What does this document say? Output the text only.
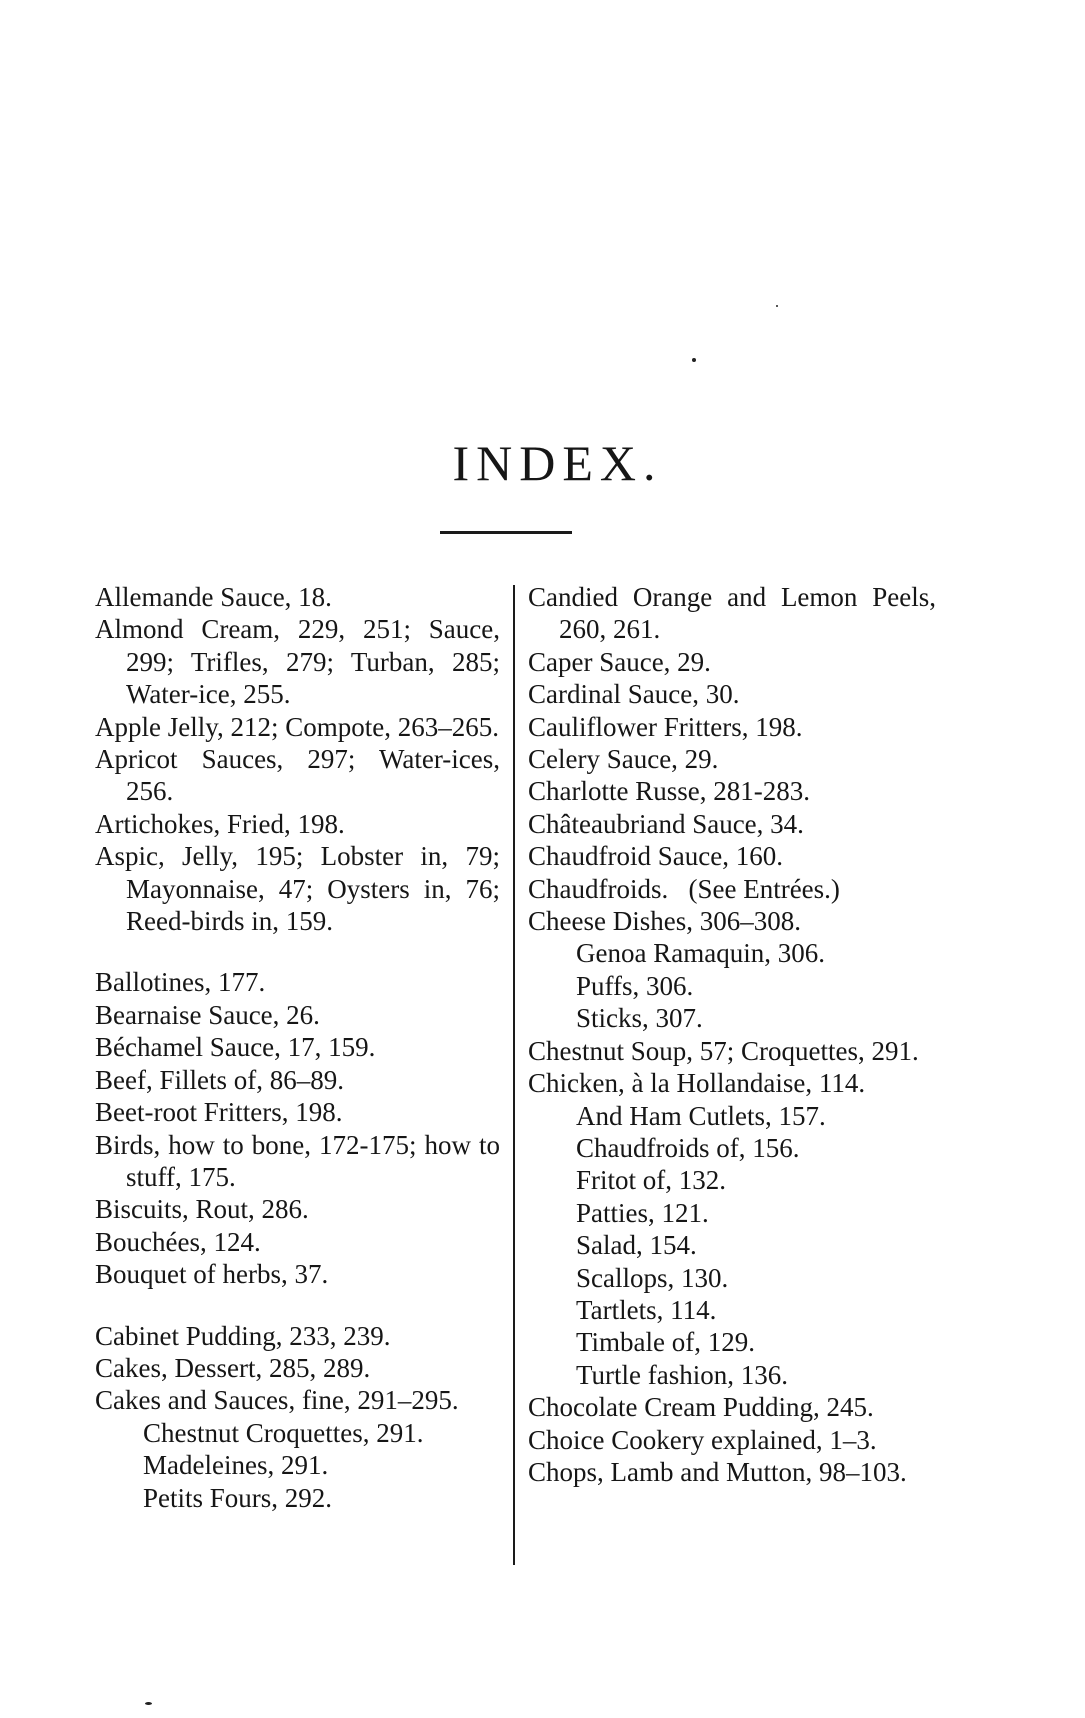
INDEX.
Allemande Sauce, 18.
Almond Cream, 229, 251; Sauce, 299; Trifles, 279; Turban, 285; Water-ice, 255.
Apple Jelly, 212; Compote, 263–265.
Apricot Sauces, 297; Water-ices, 256.
Artichokes, Fried, 198.
Aspic, Jelly, 195; Lobster in, 79; Mayonnaise, 47; Oysters in, 76; Reed-birds in, 159.
Ballotines, 177.
Bearnaise Sauce, 26.
Béchamel Sauce, 17, 159.
Beef, Fillets of, 86–89.
Beet-root Fritters, 198.
Birds, how to bone, 172-175; how to stuff, 175.
Biscuits, Rout, 286.
Bouchées, 124.
Bouquet of herbs, 37.
Cabinet Pudding, 233, 239.
Cakes, Dessert, 285, 289.
Cakes and Sauces, fine, 291–295.
Chestnut Croquettes, 291.
Madeleines, 291.
Petits Fours, 292.
Candied Orange and Lemon Peels, 260, 261.
Caper Sauce, 29.
Cardinal Sauce, 30.
Cauliflower Fritters, 198.
Celery Sauce, 29.
Charlotte Russe, 281-283.
Châteaubriand Sauce, 34.
Chaudfroid Sauce, 160.
Chaudfroids.   (See Entrées.)
Cheese Dishes, 306–308.
Genoa Ramaquin, 306.
Puffs, 306.
Sticks, 307.
Chestnut Soup, 57; Croquettes, 291.
Chicken, à la Hollandaise, 114.
And Ham Cutlets, 157.
Chaudfroids of, 156.
Fritot of, 132.
Patties, 121.
Salad, 154.
Scallops, 130.
Tartlets, 114.
Timbale of, 129.
Turtle fashion, 136.
Chocolate Cream Pudding, 245.
Choice Cookery explained, 1–3.
Chops, Lamb and Mutton, 98–103.
